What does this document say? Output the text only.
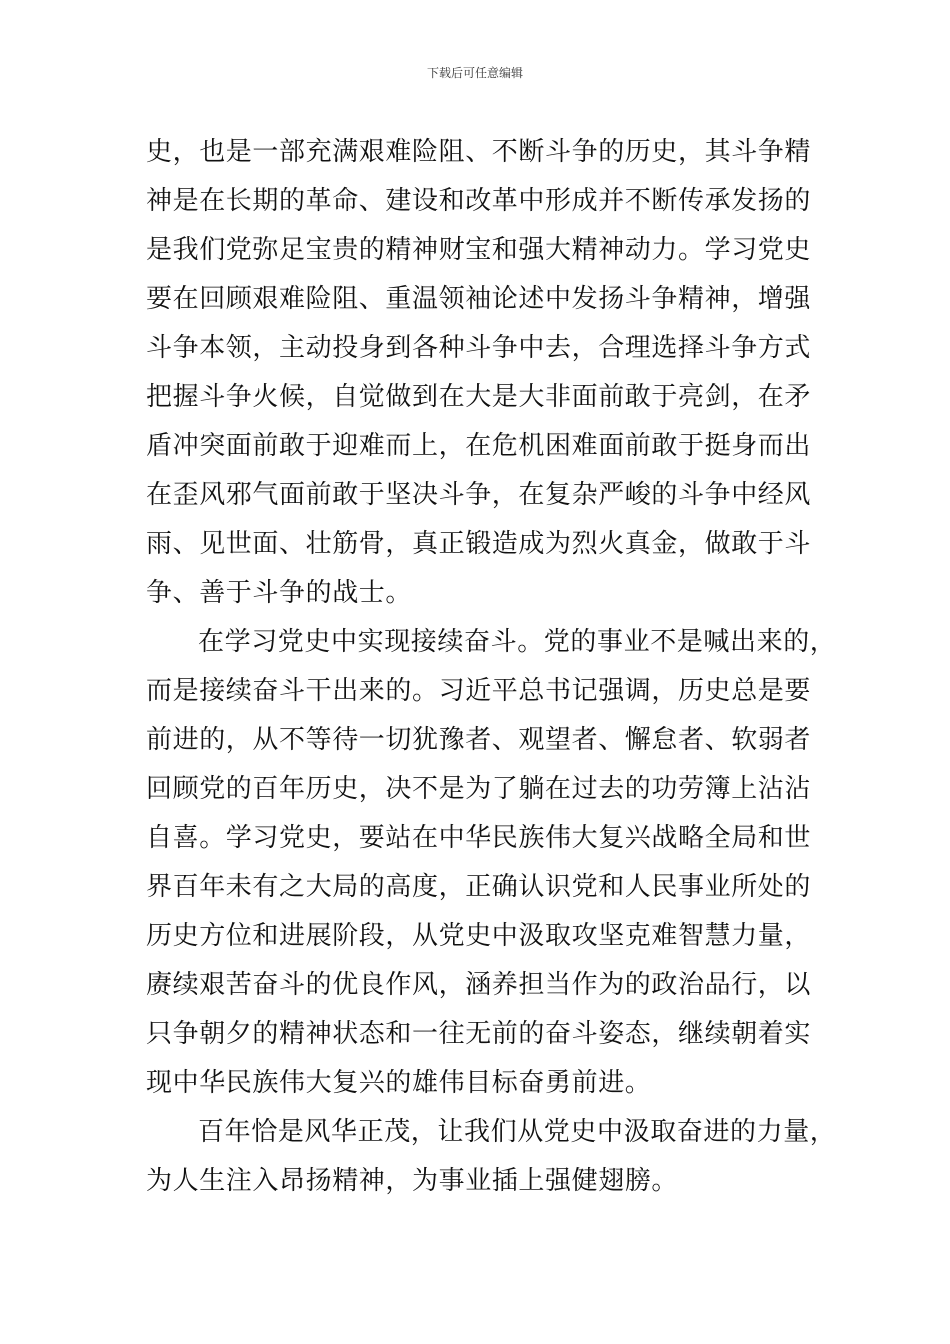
下载后可任意编辑
史，也是一部充满艰难险阻、不断斗争的历史，其斗争精
神是在长期的革命、建设和改革中形成并不断传承发扬的
是我们党弥足宝贵的精神财宝和强大精神动力。学习党史
要在回顾艰难险阻、重温领袖论述中发扬斗争精神，增强
斗争本领，主动投身到各种斗争中去，合理选择斗争方式
把握斗争火候，自觉做到在大是大非面前敢于亮剑，在矛
盾冲突面前敢于迎难而上，在危机困难面前敢于挺身而出
在歪风邪气面前敢于坚决斗争，在复杂严峻的斗争中经风
雨、见世面、壮筋骨，真正锻造成为烈火真金，做敢于斗
争、善于斗争的战士。
在学习党史中实现接续奋斗。党的事业不是喊出来的，
而是接续奋斗干出来的。习近平总书记强调，历史总是要
前进的，从不等待一切犹豫者、观望者、懈怠者、软弱者
回顾党的百年历史，决不是为了躺在过去的功劳簿上沾沾
自喜。学习党史，要站在中华民族伟大复兴战略全局和世
界百年未有之大局的高度，正确认识党和人民事业所处的
历史方位和进展阶段，从党史中汲取攻坚克难智慧力量，
赓续艰苦奋斗的优良作风，涵养担当作为的政治品行，以
只争朝夕的精神状态和一往无前的奋斗姿态，继续朝着实
现中华民族伟大复兴的雄伟目标奋勇前进。
百年恰是风华正茂，让我们从党史中汲取奋进的力量，
为人生注入昂扬精神，为事业插上强健翅膀。
